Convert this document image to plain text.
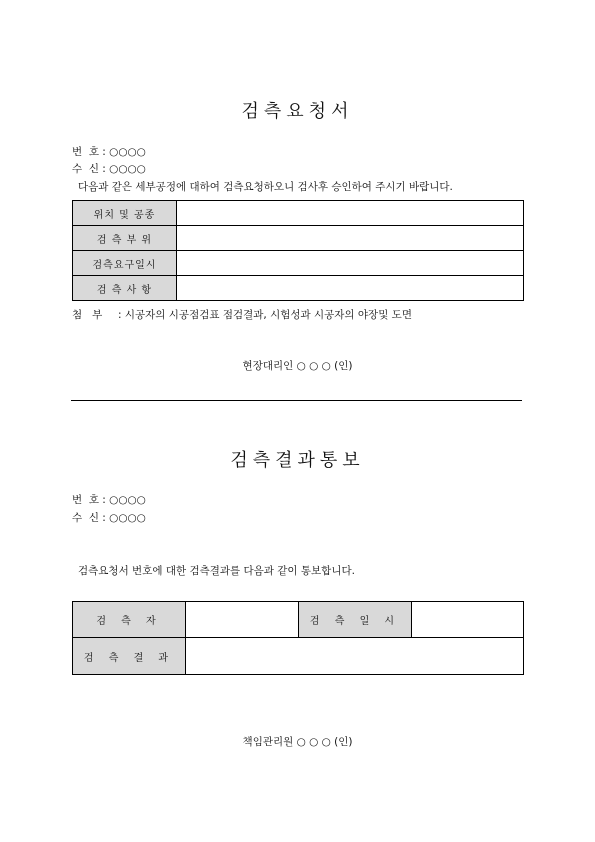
검측요청서
번  호 : ○○○○
수  신 : ○○○○
다음과 같은 세부공정에 대하여 검측요청하오니 검사후 승인하여 주시기 바랍니다.
위치 및 공종	
검 측 부 위	
검측요구일시	
검 측 사 항	
첨   부 : 시공자의 시공점검표 점검결과, 시험성과 시공자의 야장및 도면
현장대리인 ○ ○ ○ (인)
검측결과통보
번  호 : ○○○○
수  신 : ○○○○
검측요청서 번호에 대한 검측결과를 다음과 같이 통보합니다.
검 측 자		검 측 일 시	
검 측 결 과			
책임관리원 ○ ○ ○ (인)
